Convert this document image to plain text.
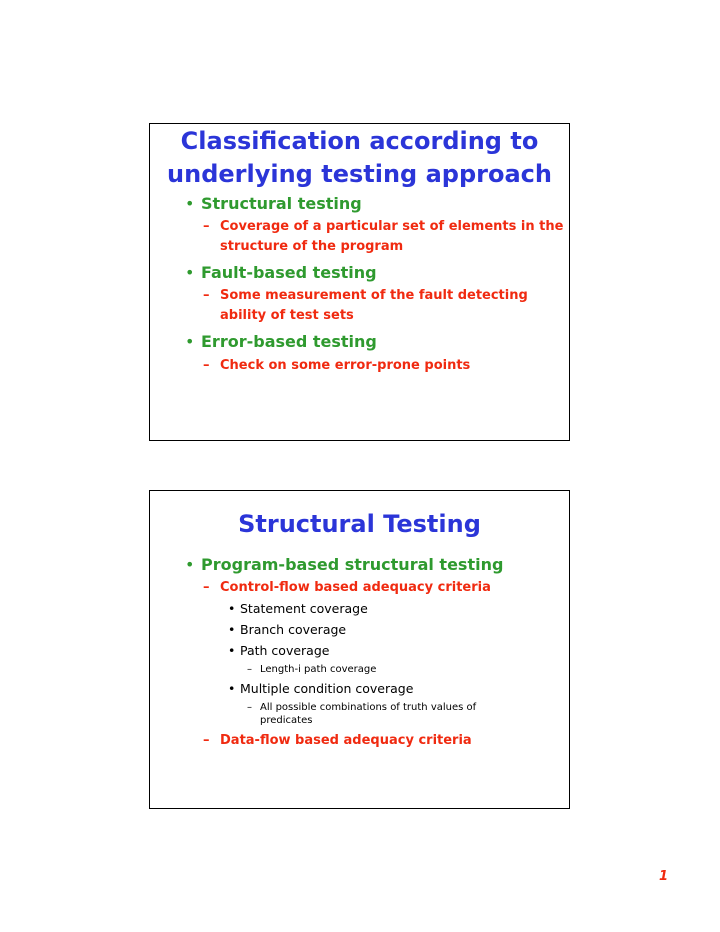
Classification according to underlying testing approach
• Structural testing
– Coverage of a particular set of elements in the structure of the program
• Fault-based testing
– Some measurement of the fault detecting ability of test sets
• Error-based testing
– Check on some error-prone points
Structural Testing
• Program-based structural testing
– Control-flow based adequacy criteria
• Statement coverage
• Branch coverage
• Path coverage
– Length-i path coverage
• Multiple condition coverage
– All possible combinations of truth values of predicates
– Data-flow based adequacy criteria
1
